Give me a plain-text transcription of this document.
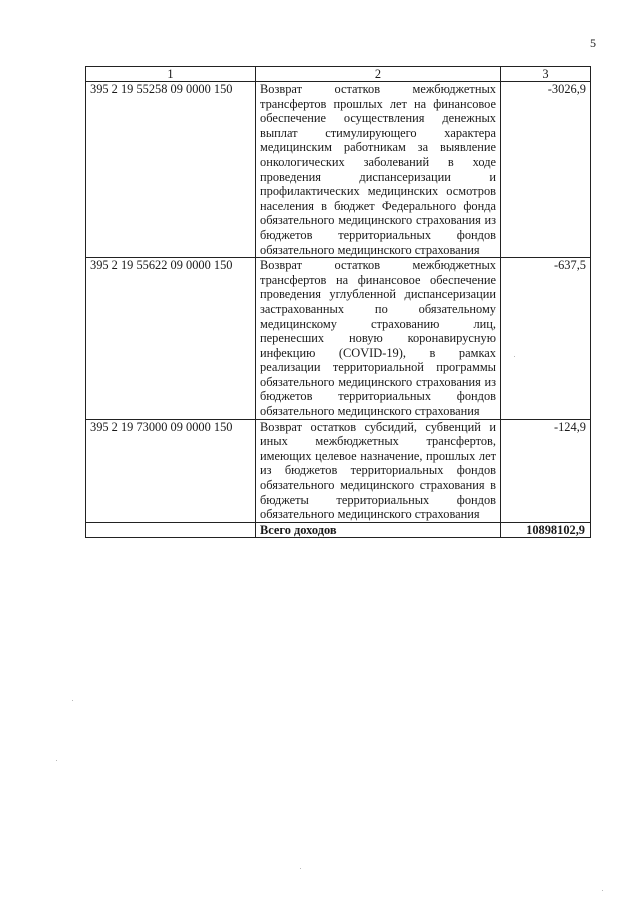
5
1	2	3
395 2 19 55258 09 0000 150	Возврат остатков межбюджетных трансфертов прошлых лет на финансовое обеспечение осуществления денежных выплат стимулирующего характера медицинским работникам за выявление онкологических заболеваний в ходе проведения диспансеризации и профилактических медицинских осмотров населения в бюджет Федерального фонда обязательного медицинского страхования из бюджетов территориальных фондов обязательного медицинского страхования	-3026,9
395 2 19 55622 09 0000 150	Возврат остатков межбюджетных трансфертов на финансовое обеспечение проведения углубленной диспансеризации застрахованных по обязательному медицинскому страхованию лиц, перенесших новую коронавирусную инфекцию (COVID-19), в рамках реализации территориальной программы обязательного медицинского страхования из бюджетов территориальных фондов обязательного медицинского страхования	-637,5
395 2 19 73000 09 0000 150	Возврат остатков субсидий, субвенций и иных межбюджетных трансфертов, имеющих целевое назначение, прошлых лет из бюджетов территориальных фондов обязательного медицинского страхования в бюджеты территориальных фондов обязательного медицинского страхования	-124,9
	Всего доходов	10898102,9
